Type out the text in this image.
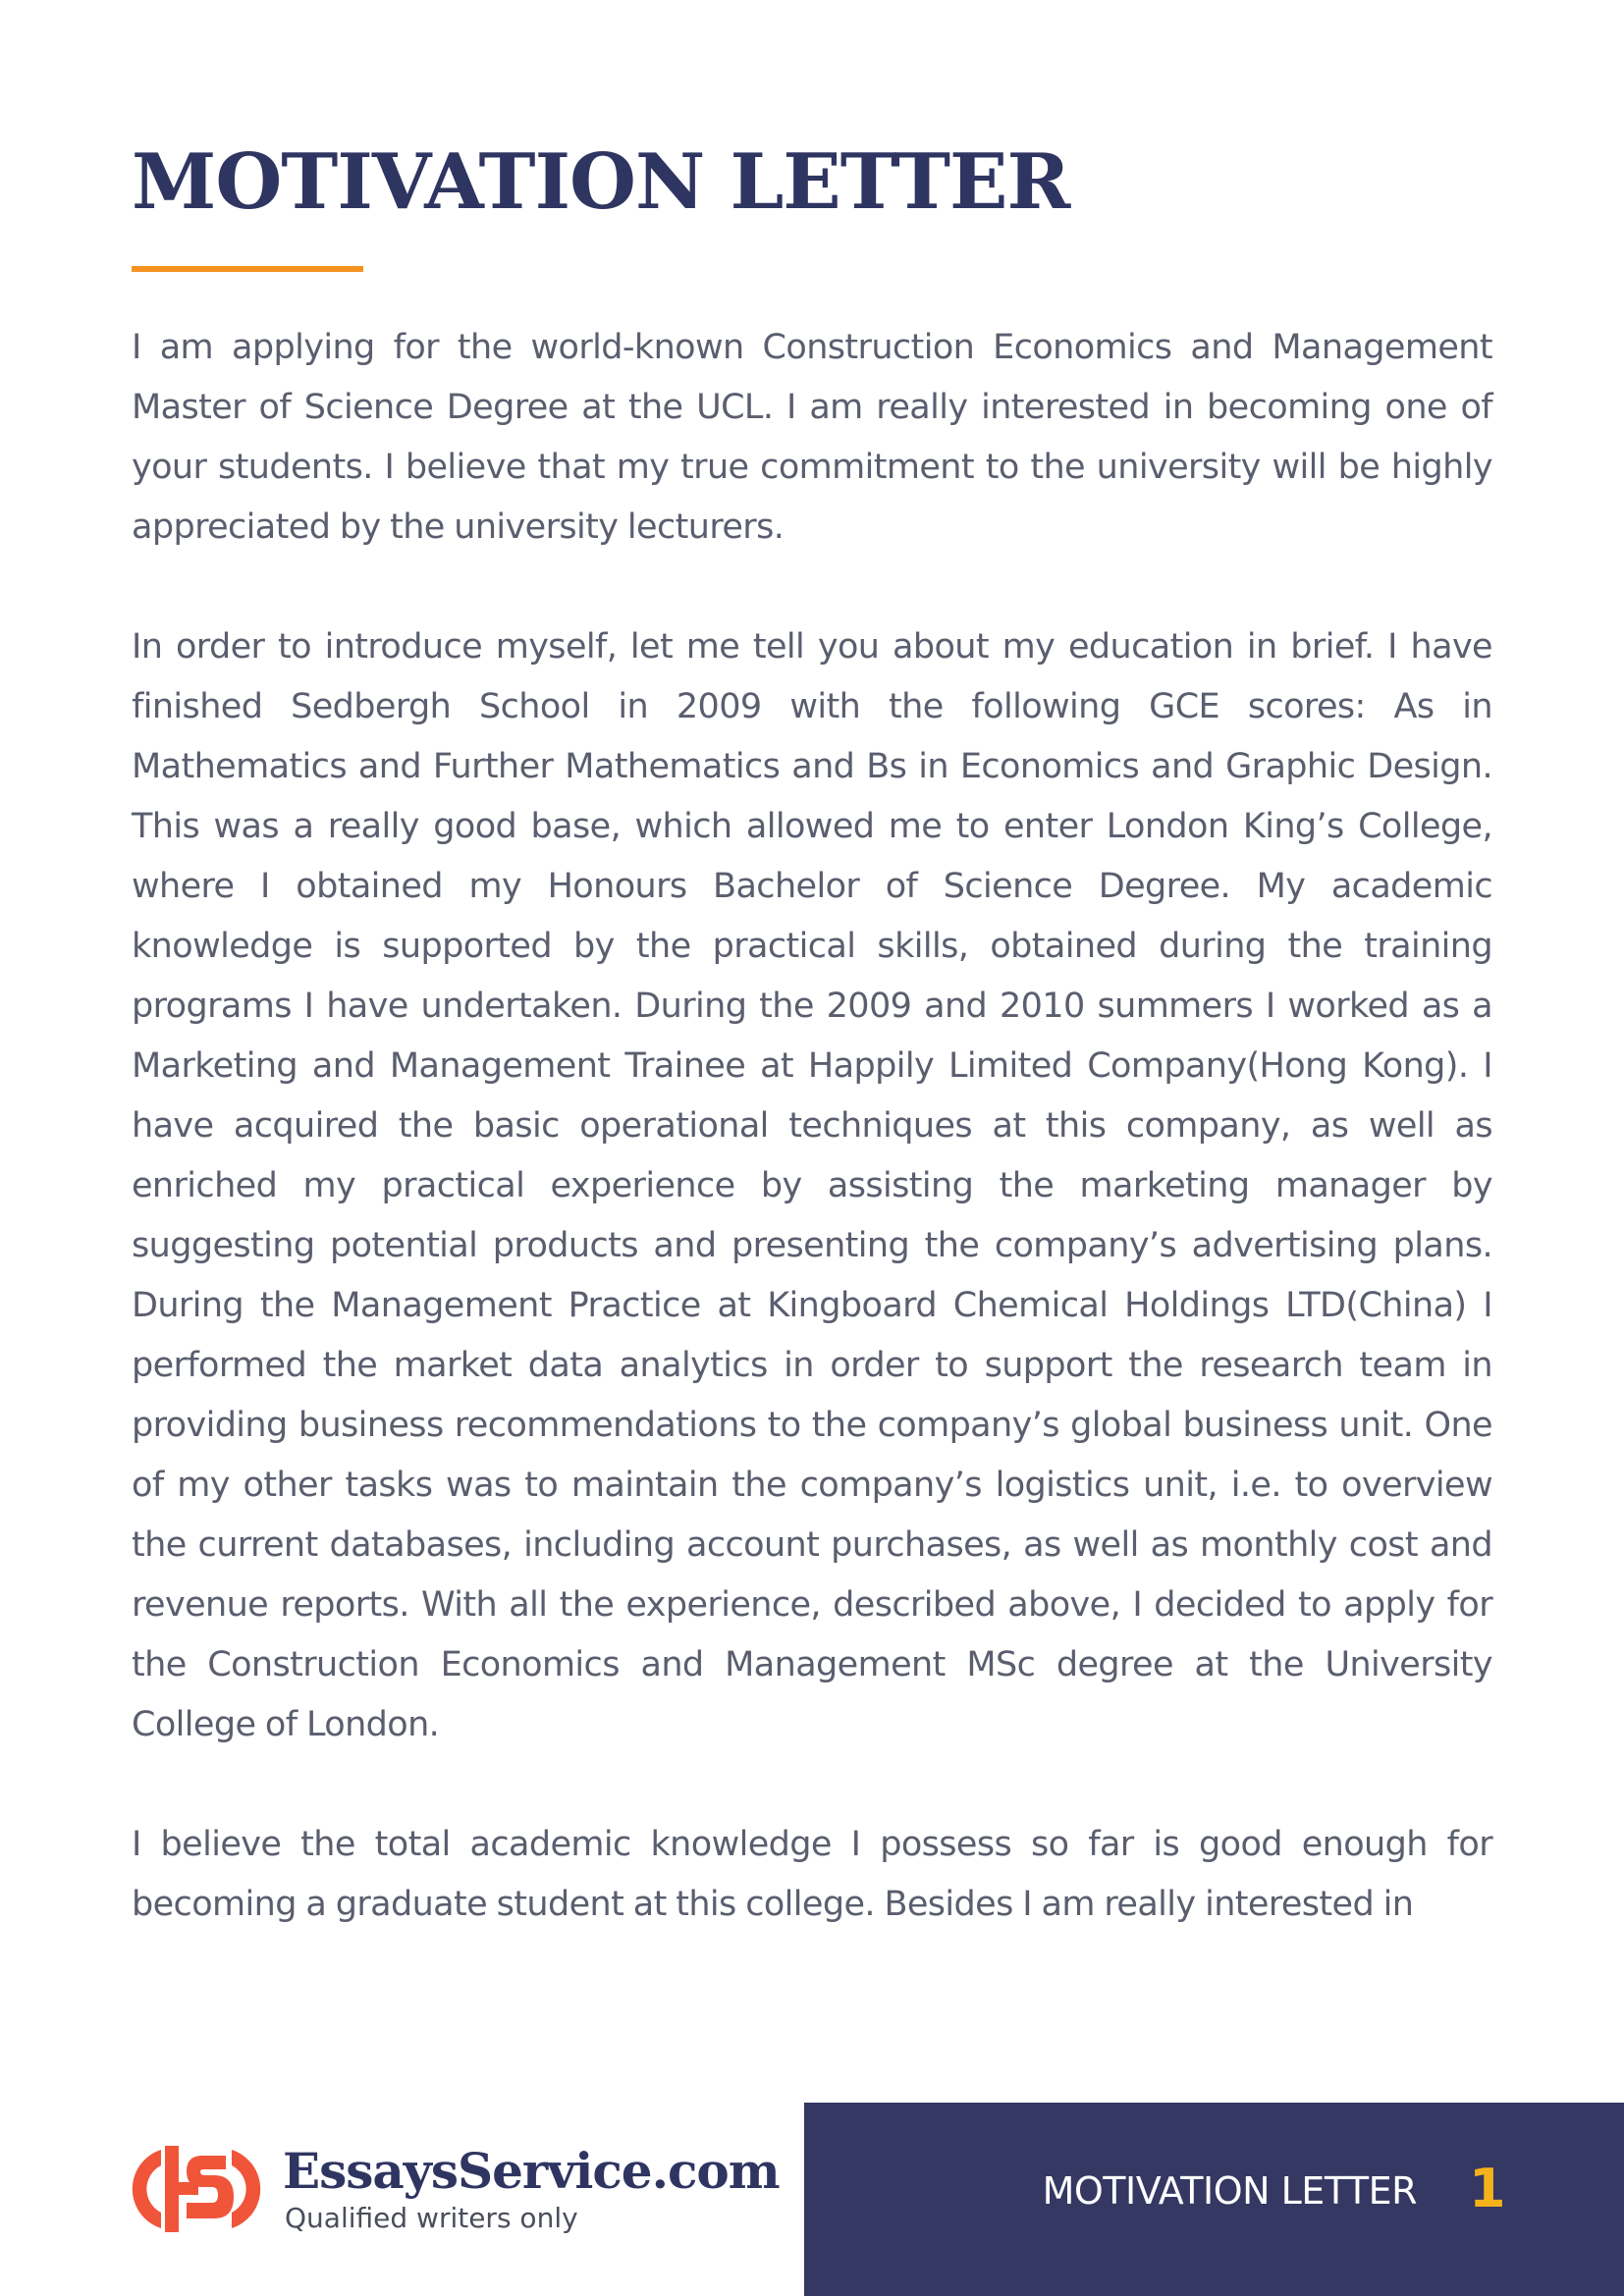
MOTIVATION LETTER

I am applying for the world-known Construction Economics and Management Master of Science Degree at the UCL. I am really interested in becoming one of your students. I believe that my true commitment to the university will be highly appreciated by the university lecturers.

In order to introduce myself, let me tell you about my education in brief. I have finished Sedbergh School in 2009 with the following GCE scores: As in Mathematics and Further Mathematics and Bs in Economics and Graphic Design. This was a really good base, which allowed me to enter London King’s College, where I obtained my Honours Bachelor of Science Degree. My academic knowledge is supported by the practical skills, obtained during the training programs I have undertaken. During the 2009 and 2010 summers I worked as a Marketing and Management Trainee at Happily Limited Company(Hong Kong). I have acquired the basic operational techniques at this company, as well as enriched my practical experience by assisting the marketing manager by suggesting potential products and presenting the company’s advertising plans. During the Management Practice at Kingboard Chemical Holdings LTD(China) I performed the market data analytics in order to support the research team in providing business recommendations to the company’s global business unit. One of my other tasks was to maintain the company’s logistics unit, i.e. to overview the current databases, including account purchases, as well as monthly cost and revenue reports. With all the experience, described above, I decided to apply for the Construction Economics and Management MSc degree at the University College of London.

I believe the total academic knowledge I possess so far is good enough for becoming a graduate student at this college. Besides I am really interested in

EssaysService.com

Qualified writers only

MOTIVATION LETTER 1
